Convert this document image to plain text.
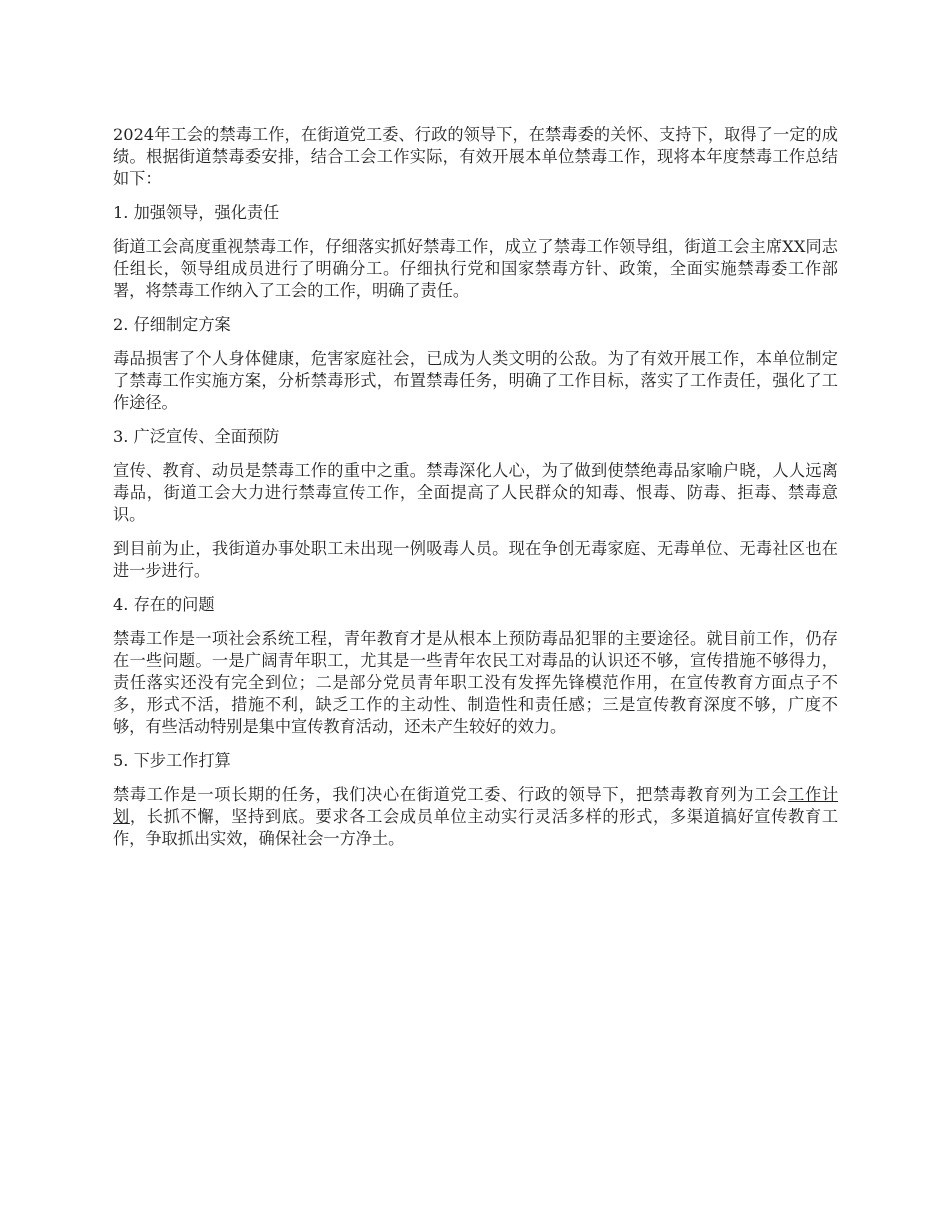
2024年工会的禁毒工作，在街道党工委、行政的领导下，在禁毒委的关怀、支持下，取得了一定的成绩。根据街道禁毒委安排，结合工会工作实际，有效开展本单位禁毒工作，现将本年度禁毒工作总结如下：

1. 加强领导，强化责任

街道工会高度重视禁毒工作，仔细落实抓好禁毒工作，成立了禁毒工作领导组，街道工会主席XX同志任组长，领导组成员进行了明确分工。仔细执行党和国家禁毒方针、政策，全面实施禁毒委工作部署，将禁毒工作纳入了工会的工作，明确了责任。

2. 仔细制定方案

毒品损害了个人身体健康，危害家庭社会，已成为人类文明的公敌。为了有效开展工作，本单位制定了禁毒工作实施方案，分析禁毒形式，布置禁毒任务，明确了工作目标，落实了工作责任，强化了工作途径。

3. 广泛宣传、全面预防

宣传、教育、动员是禁毒工作的重中之重。禁毒深化人心，为了做到使禁绝毒品家喻户晓，人人远离毒品，街道工会大力进行禁毒宣传工作，全面提高了人民群众的知毒、恨毒、防毒、拒毒、禁毒意识。

到目前为止，我街道办事处职工未出现一例吸毒人员。现在争创无毒家庭、无毒单位、无毒社区也在进一步进行。

4. 存在的问题

禁毒工作是一项社会系统工程，青年教育才是从根本上预防毒品犯罪的主要途径。就目前工作，仍存在一些问题。一是广阔青年职工，尤其是一些青年农民工对毒品的认识还不够，宣传措施不够得力，责任落实还没有完全到位；二是部分党员青年职工没有发挥先锋模范作用，在宣传教育方面点子不多，形式不活，措施不利，缺乏工作的主动性、制造性和责任感；三是宣传教育深度不够，广度不够，有些活动特别是集中宣传教育活动，还未产生较好的效力。

5. 下步工作打算

禁毒工作是一项长期的任务，我们决心在街道党工委、行政的领导下，把禁毒教育列为工会工作计划，长抓不懈，坚持到底。要求各工会成员单位主动实行灵活多样的形式，多渠道搞好宣传教育工作，争取抓出实效，确保社会一方净土。
